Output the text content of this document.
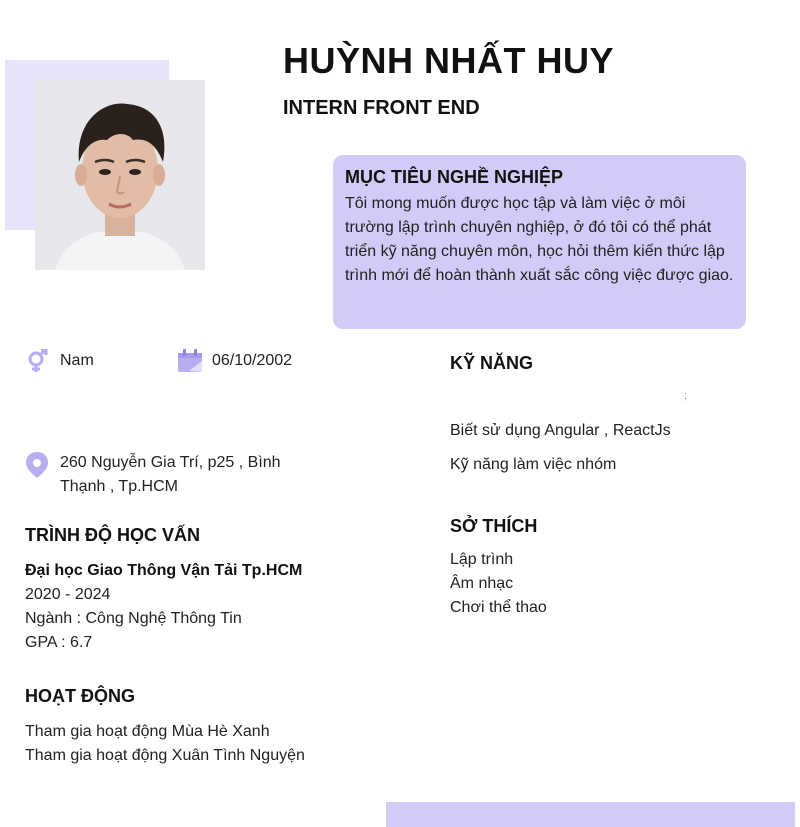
HUỲNH NHẤT HUY
INTERN FRONT END
MỤC TIÊU NGHỀ NGHIỆP

Tôi mong muốn được học tập và làm việc ở môi trường lập trình chuyên nghiệp, ở đó tôi có thể phát triển kỹ năng chuyên môn, học hỏi thêm kiến thức lập trình mới để hoàn thành xuất sắc công việc được giao.

Nam	06/10/2002
260 Nguyễn Gia Trí, p25 , Bình Thạnh , Tp.HCM
TRÌNH ĐỘ HỌC VẤN
Đại học Giao Thông Vận Tải Tp.HCM
2020 - 2024
Ngành : Công Nghệ Thông Tin
GPA : 6.7
HOẠT ĐỘNG
Tham gia hoạt động Mùa Hè Xanh
Tham gia hoạt động Xuân Tình Nguyện
KỸ NĂNG
;
Biết sử dụng Angular , ReactJs
Kỹ năng làm việc nhóm
SỞ THÍCH
Lập trình
Âm nhạc
Chơi thể thao
